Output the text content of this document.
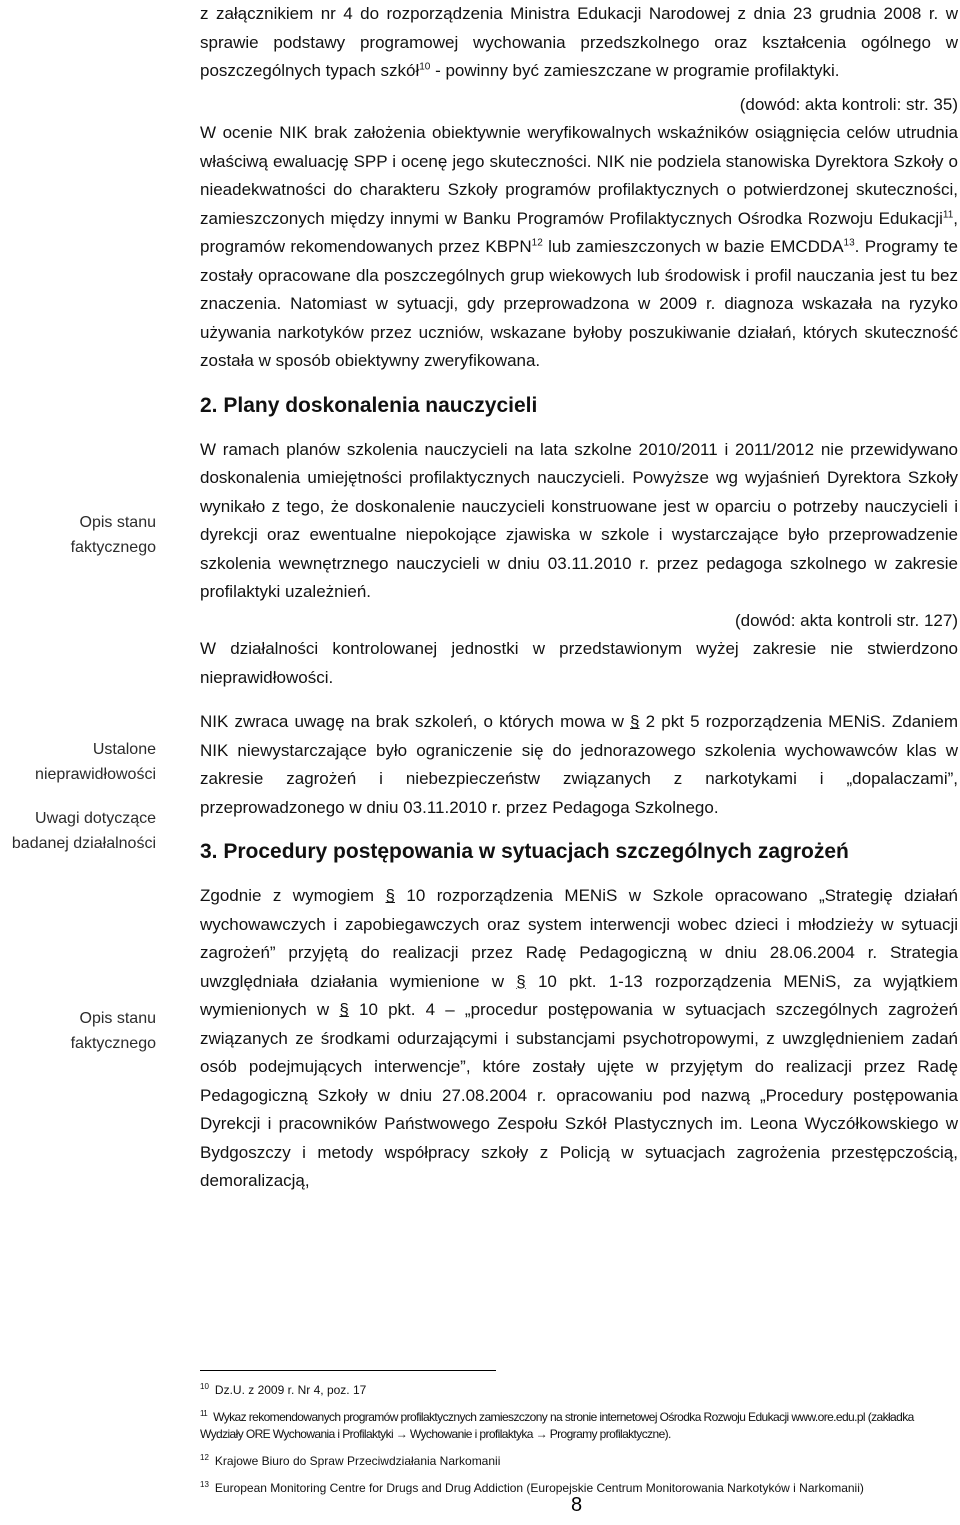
Opis stanu faktycznego
Ustalone nieprawidłowości
Uwagi dotyczące badanej działalności
Opis stanu faktycznego

z załącznikiem nr 4 do rozporządzenia Ministra Edukacji Narodowej z dnia 23 grudnia 2008 r. w sprawie podstawy programowej wychowania przedszkolnego oraz kształcenia ogólnego w poszczególnych typach szkół$^{10}$ - powinny być zamieszczane w programie profilaktyki.

(dowód: akta kontroli: str. 35)

W ocenie NIK brak założenia obiektywnie weryfikowalnych wskaźników osiągnięcia celów utrudnia właściwą ewaluację SPP i ocenę jego skuteczności. NIK nie podziela stanowiska Dyrektora Szkoły o nieadekwatności do charakteru Szkoły programów profilaktycznych o potwierdzonej skuteczności, zamieszczonych między innymi w Banku Programów Profilaktycznych Ośrodka Rozwoju Edukacji$^{11}$, programów rekomendowanych przez KBPN$^{12}$ lub zamieszczonych w bazie EMCDDA$^{13}$. Programy te zostały opracowane dla poszczególnych grup wiekowych lub środowisk i profil nauczania jest tu bez znaczenia. Natomiast w sytuacji, gdy przeprowadzona w 2009 r. diagnoza wskazała na ryzyko używania narkotyków przez uczniów, wskazane byłoby poszukiwanie działań, których skuteczność została w sposób obiektywny zweryfikowana.

2. Plany doskonalenia nauczycieli

W ramach planów szkolenia nauczycieli na lata szkolne 2010/2011 i 2011/2012 nie przewidywano doskonalenia umiejętności profilaktycznych nauczycieli. Powyższe wg wyjaśnień Dyrektora Szkoły wynikało z tego, że doskonalenie nauczycieli konstruowane jest w oparciu o potrzeby nauczycieli i dyrekcji oraz ewentualne niepokojące zjawiska w szkole i wystarczające było przeprowadzenie szkolenia wewnętrznego nauczycieli w dniu 03.11.2010 r. przez pedagoga szkolnego w zakresie profilaktyki uzależnień.

(dowód: akta kontroli str. 127)

W działalności kontrolowanej jednostki w przedstawionym wyżej zakresie nie stwierdzono nieprawidłowości.

NIK zwraca uwagę na brak szkoleń, o których mowa w § 2 pkt 5 rozporządzenia MENiS. Zdaniem NIK niewystarczające było ograniczenie się do jednorazowego szkolenia wychowawców klas w zakresie zagrożeń i niebezpieczeństw związanych z narkotykami i „dopalaczami”, przeprowadzonego w dniu 03.11.2010 r. przez Pedagoga Szkolnego.

3. Procedury postępowania w sytuacjach szczególnych zagrożeń

Zgodnie z wymogiem § 10 rozporządzenia MENiS w Szkole opracowano „Strategię działań wychowawczych i zapobiegawczych oraz system interwencji wobec dzieci i młodzieży w sytuacji zagrożeń” przyjętą do realizacji przez Radę Pedagogiczną w dniu 28.06.2004 r. Strategia uwzględniała działania wymienione w § 10 pkt. 1-13 rozporządzenia MENiS, za wyjątkiem wymienionych w § 10 pkt. 4 – „procedur postępowania w sytuacjach szczególnych zagrożeń związanych ze środkami odurzającymi i substancjami psychotropowymi, z uwzględnieniem zadań osób podejmujących interwencje”, które zostały ujęte w przyjętym do realizacji przez Radę Pedagogiczną Szkoły w dniu 27.08.2004 r. opracowaniu pod nazwą „Procedury postępowania Dyrekcji i pracowników Państwowego Zespołu Szkół Plastycznych im. Leona Wyczółkowskiego w Bydgoszczy i metody współpracy szkoły z Policją w sytuacjach zagrożenia przestępczością, demoralizacją,

$^{10}$ Dz.U. z 2009 r. Nr 4, poz. 17
$^{11}$ Wykaz rekomendowanych programów profilaktycznych zamieszczony na stronie internetowej Ośrodka Rozwoju Edukacji www.ore.edu.pl (zakładka Wydziały ORE Wychowania i Profilaktyki → Wychowanie i profilaktyka → Programy profilaktyczne).
$^{12}$ Krajowe Biuro do Spraw Przeciwdziałania Narkomanii
$^{13}$ European Monitoring Centre for Drugs and Drug Addiction (Europejskie Centrum Monitorowania Narkotyków i Narkomanii)
8
